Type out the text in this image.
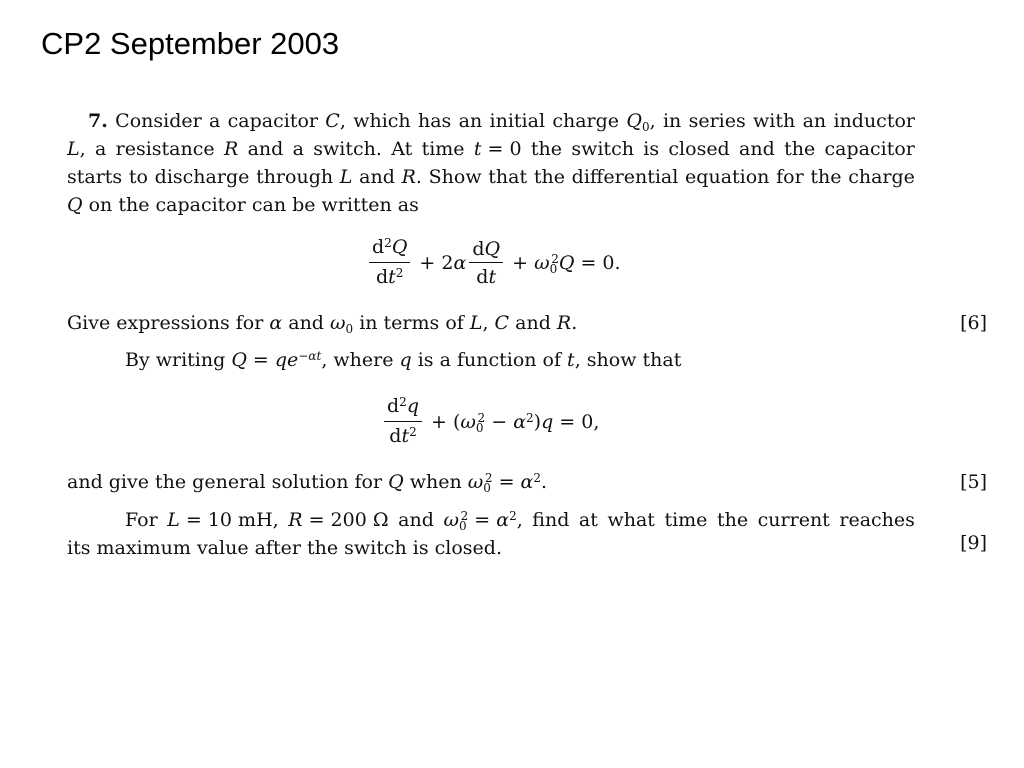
CP2 September 2003
7. Consider a capacitor C, which has an initial charge $Q_0$, in series with an inductor
L, a resistance R and a switch. At time t = 0 the switch is closed and the capacitor
starts to discharge through L and R. Show that the differential equation for the charge
Q on the capacitor can be written as
$\frac{d^2Q}{dt^2} + 2\alpha \frac{dQ}{dt} + \omega_0^2Q = 0$.
Give expressions for α and $\omega_0$ in terms of L, C and R.	[6]
By writing $Q = qe^{-\alpha t}$, where q is a function of t, show that
$\frac{d^2q}{dt^2} + (\omega_0^2 - \alpha^2)q = 0$,
and give the general solution for Q when $\omega_0^2 = \alpha^2$.	[5]
For L = 10 mH, R = 200 Ω and $\omega_0^2 = \alpha^2$, find at what time the current reaches
its maximum value after the switch is closed.	[9]
